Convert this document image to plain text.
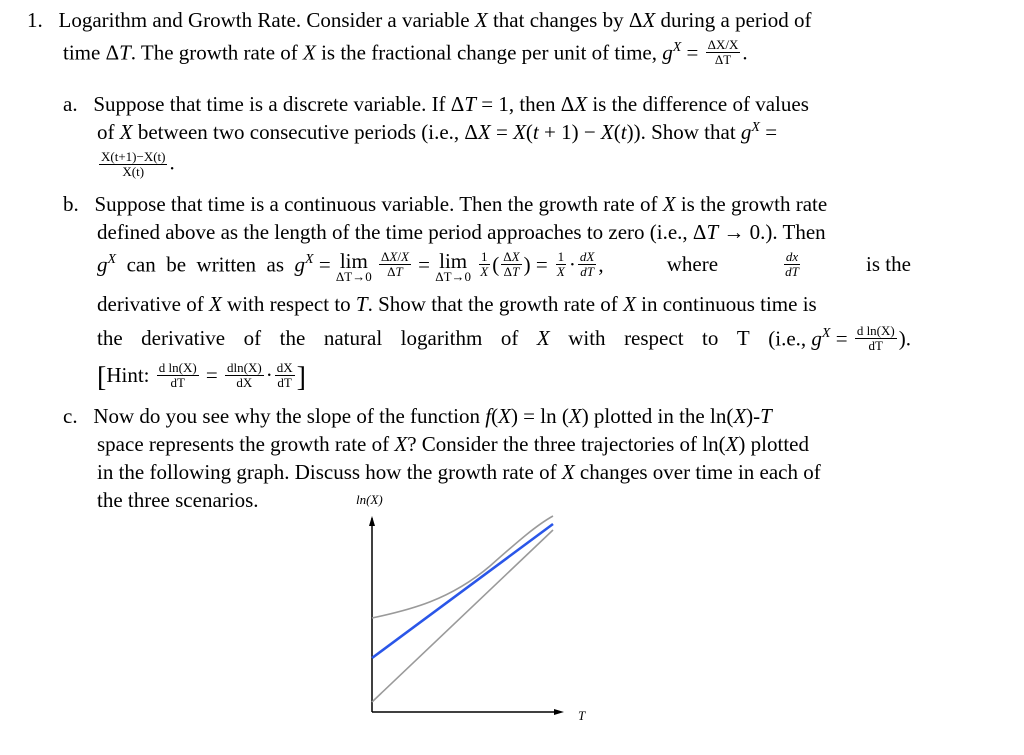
1. Logarithm and Growth Rate. Consider a variable X that changes by ΔX during a period of
time ΔT. The growth rate of X is the fractional change per unit of time, $g^X = \frac{\Delta X/X}{\Delta T}$ .
a.   Suppose that time is a discrete variable. If ΔT = 1, then ΔX is the difference of values
of X between two consecutive periods (i.e., ΔX = X(t + 1) − X(t)). Show that $g^X$ =
$\frac{X(t+1)-X(t)}{X(t)}$ .
b.   Suppose that time is a continuous variable. Then the growth rate of X is the growth rate
defined above as the length of the time period approaches to zero (i.e., ΔT → 0.). Then
$g^X$  can  be  written  as  $g^X = \lim$
ΔT→0
$\frac{\Delta X/X}{\Delta T} = \lim$
ΔT→0
$\frac{1}{X}$ ( $\frac{\Delta X}{\Delta T}$ ) = $\frac{1}{X} \cdot \frac{dX}{dT}$ ,	where	$\frac{dx}{dT}$	is the
derivative of X with respect to T. Show that the growth rate of X in continuous time is
the derivative of the natural logarithm of X with respect to T (i.e., $g^X = \frac{\text{d ln(X)}}{dT}$ ).
[Hint: $\frac{\text{d ln(X)}}{dT} = \frac{dln(X)}{dX} \cdot \frac{dX}{dT}$ ]
c.   Now do you see why the slope of the function f(X) = ln (X) plotted in the ln(X)-T
space represents the growth rate of X? Consider the three trajectories of ln(X) plotted
in the following graph. Discuss how the growth rate of X changes over time in each of
the three scenarios.	ln(X)
T
